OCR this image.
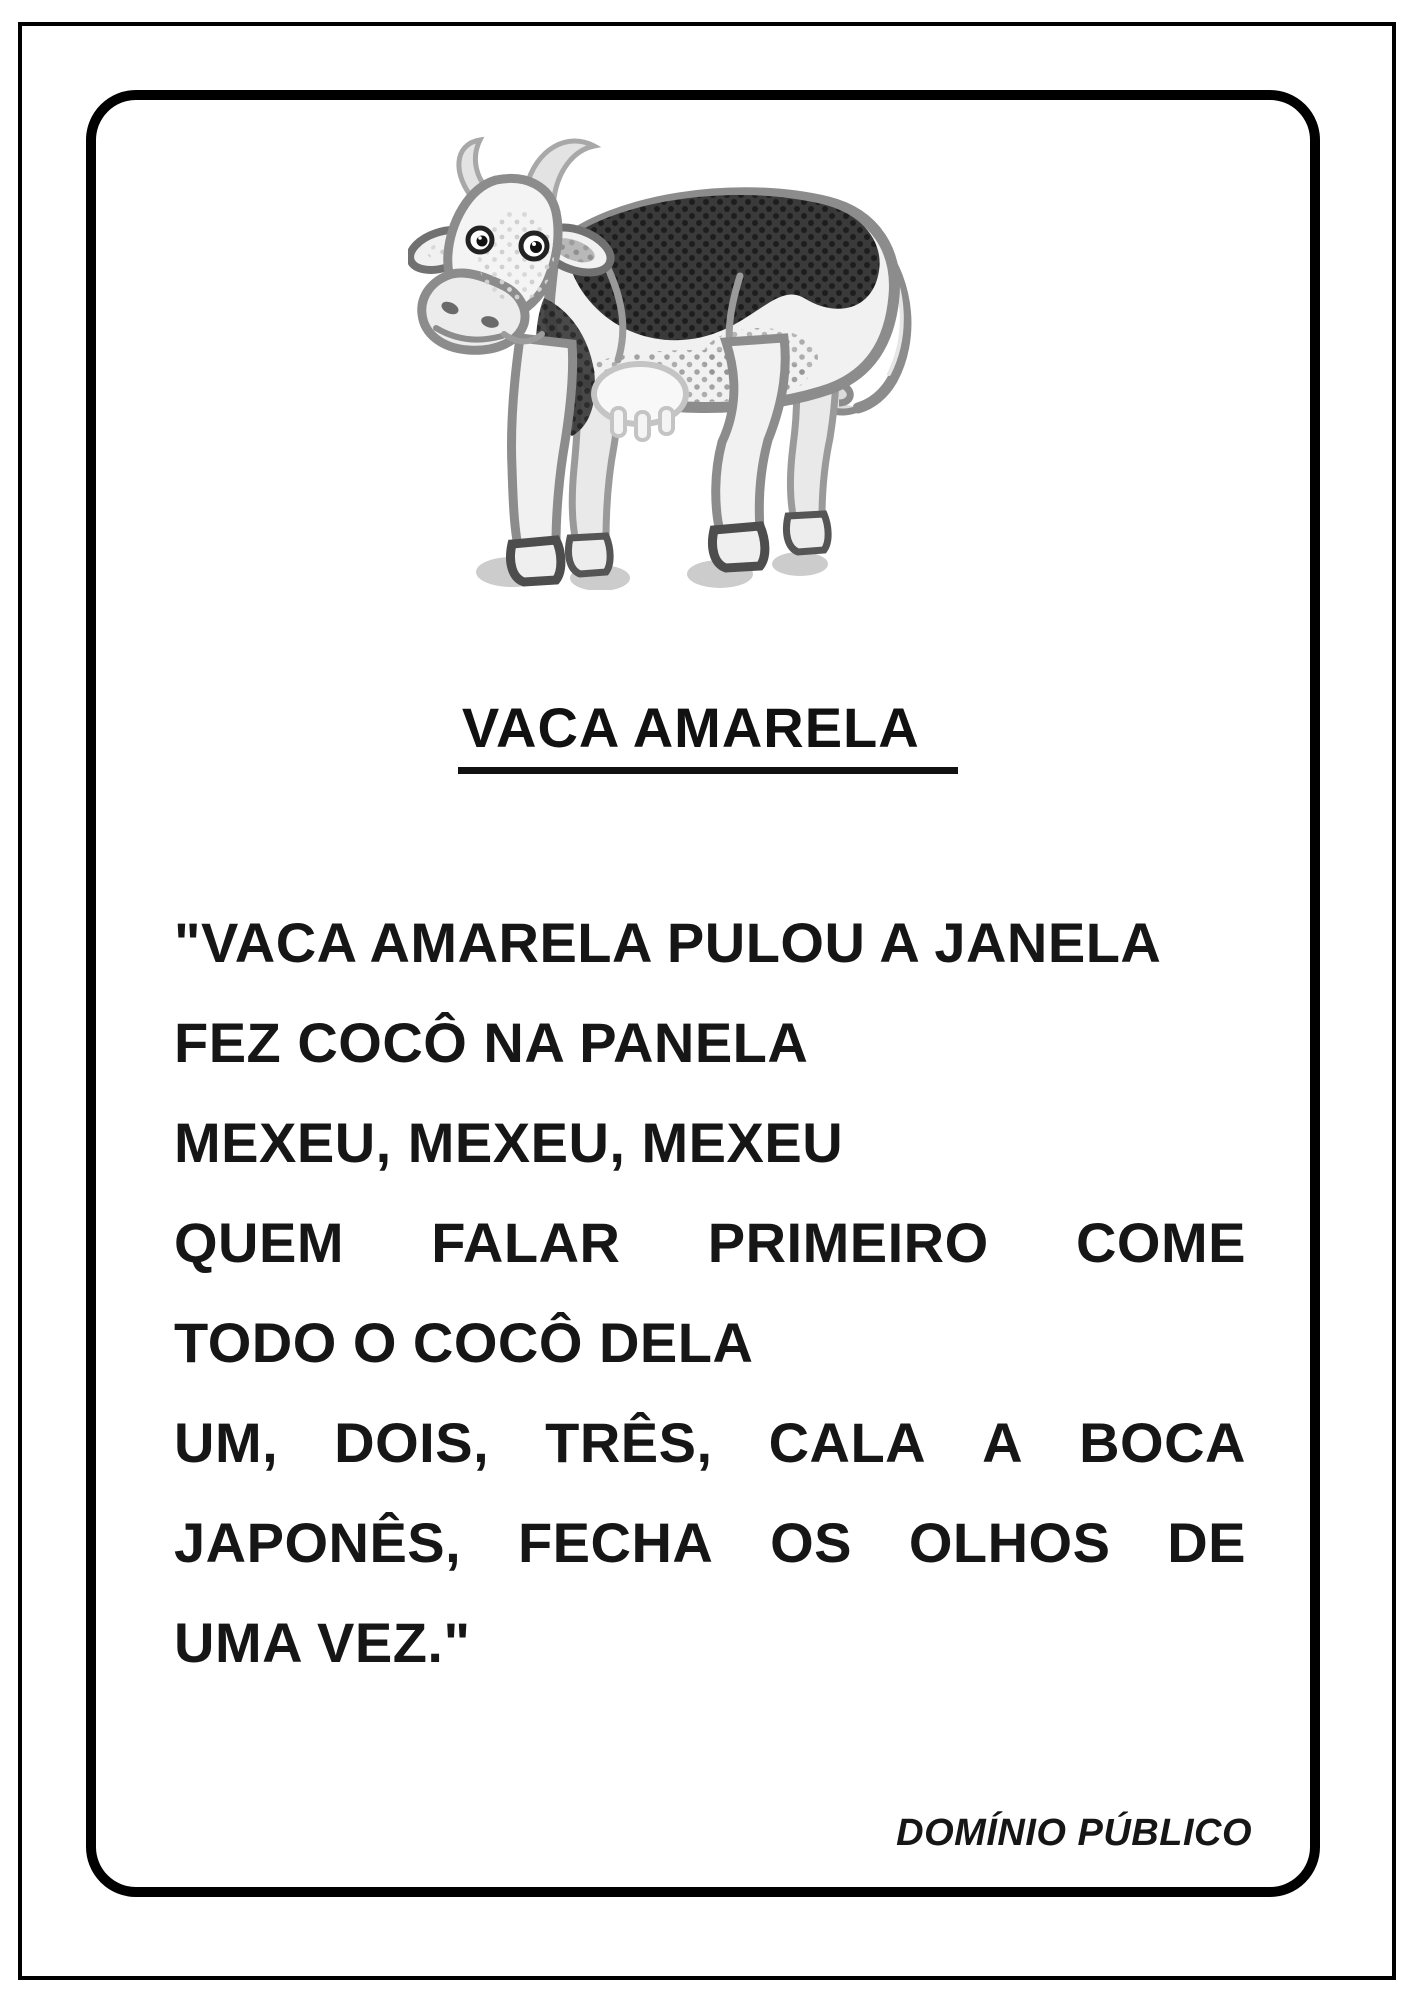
VACA AMARELA
"VACA AMARELA PULOU A JANELA
FEZ COCÔ NA PANELA
MEXEU, MEXEU, MEXEU
QUEM FALAR PRIMEIRO COME
TODO O COCÔ DELA
UM, DOIS, TRÊS, CALA A BOCA
JAPONÊS, FECHA OS OLHOS DE
UMA VEZ."
DOMÍNIO PÚBLICO
